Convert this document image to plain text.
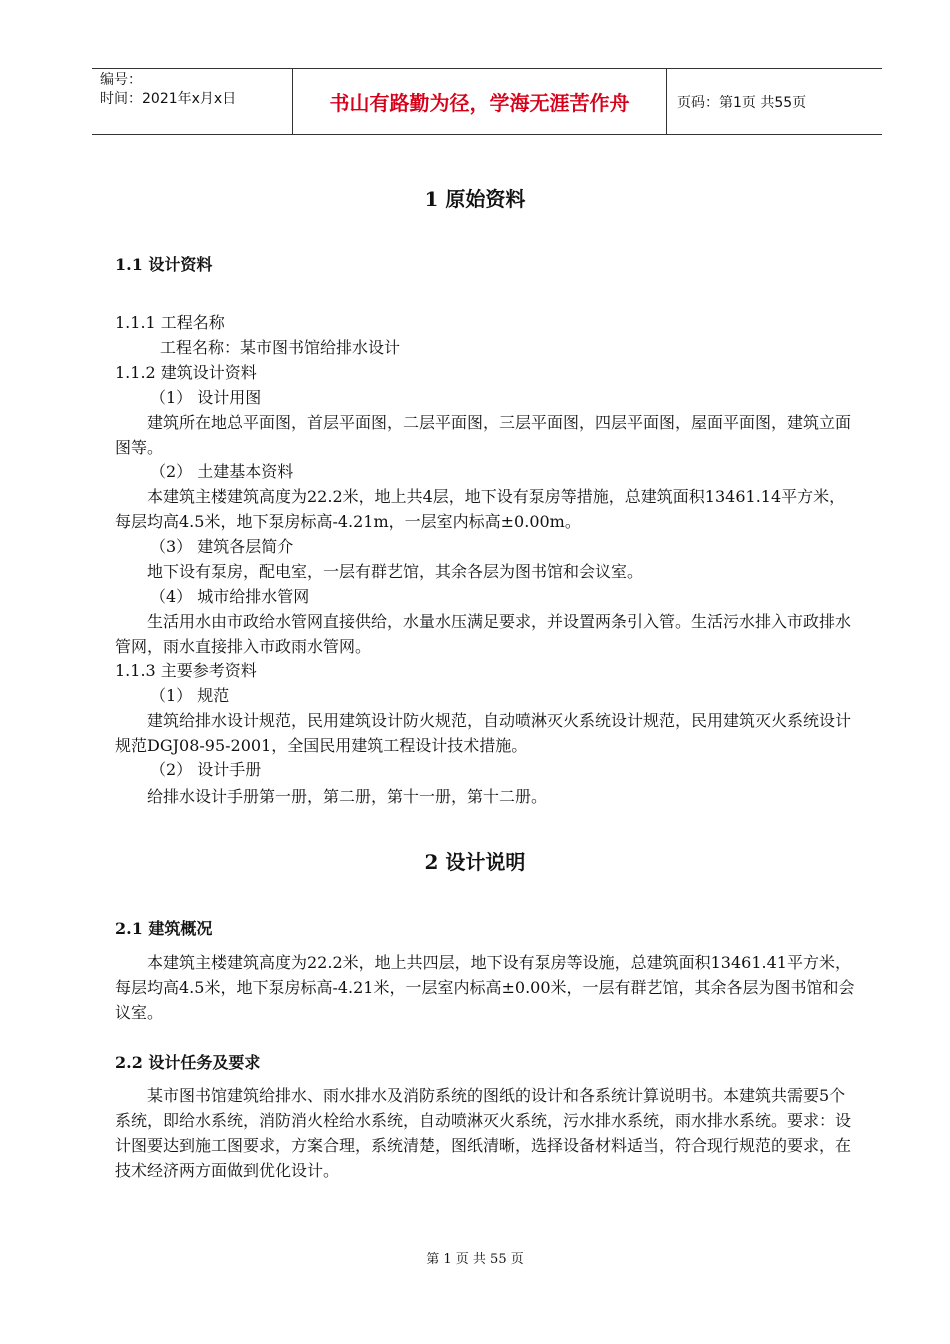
编号：
时间：2021年x月x日	书山有路勤为径，学海无涯苦作舟	页码：第1页 共55页
1 原始资料
1.1 设计资料
1.1.1 工程名称
工程名称：某市图书馆给排水设计
1.1.2 建筑设计资料
（1） 设计用图
建筑所在地总平面图，首层平面图，二层平面图，三层平面图，四层平面图，屋面平面图，建筑立面图等。
（2） 土建基本资料
本建筑主楼建筑高度为22.2米，地上共4层，地下设有泵房等措施，总建筑面积13461.14平方米，每层均高4.5米，地下泵房标高-4.21m，一层室内标高±0.00m。
（3） 建筑各层简介
地下设有泵房，配电室，一层有群艺馆，其余各层为图书馆和会议室。
（4） 城市给排水管网
生活用水由市政给水管网直接供给，水量水压满足要求，并设置两条引入管。生活污水排入市政排水管网，雨水直接排入市政雨水管网。
1.1.3 主要参考资料
（1） 规范
建筑给排水设计规范，民用建筑设计防火规范，自动喷淋灭火系统设计规范，民用建筑灭火系统设计规范DGJ08-95-2001，全国民用建筑工程设计技术措施。
（2） 设计手册
给排水设计手册第一册，第二册，第十一册，第十二册。
2 设计说明
2.1 建筑概况
本建筑主楼建筑高度为22.2米，地上共四层，地下设有泵房等设施，总建筑面积13461.41平方米，每层均高4.5米，地下泵房标高-4.21米，一层室内标高±0.00米，一层有群艺馆，其余各层为图书馆和会议室。
2.2 设计任务及要求
某市图书馆建筑给排水、雨水排水及消防系统的图纸的设计和各系统计算说明书。本建筑共需要5个系统，即给水系统，消防消火栓给水系统，自动喷淋灭火系统，污水排水系统，雨水排水系统。要求：设计图要达到施工图要求，方案合理，系统清楚，图纸清晰，选择设备材料适当，符合现行规范的要求，在技术经济两方面做到优化设计。
第 1 页 共 55 页
